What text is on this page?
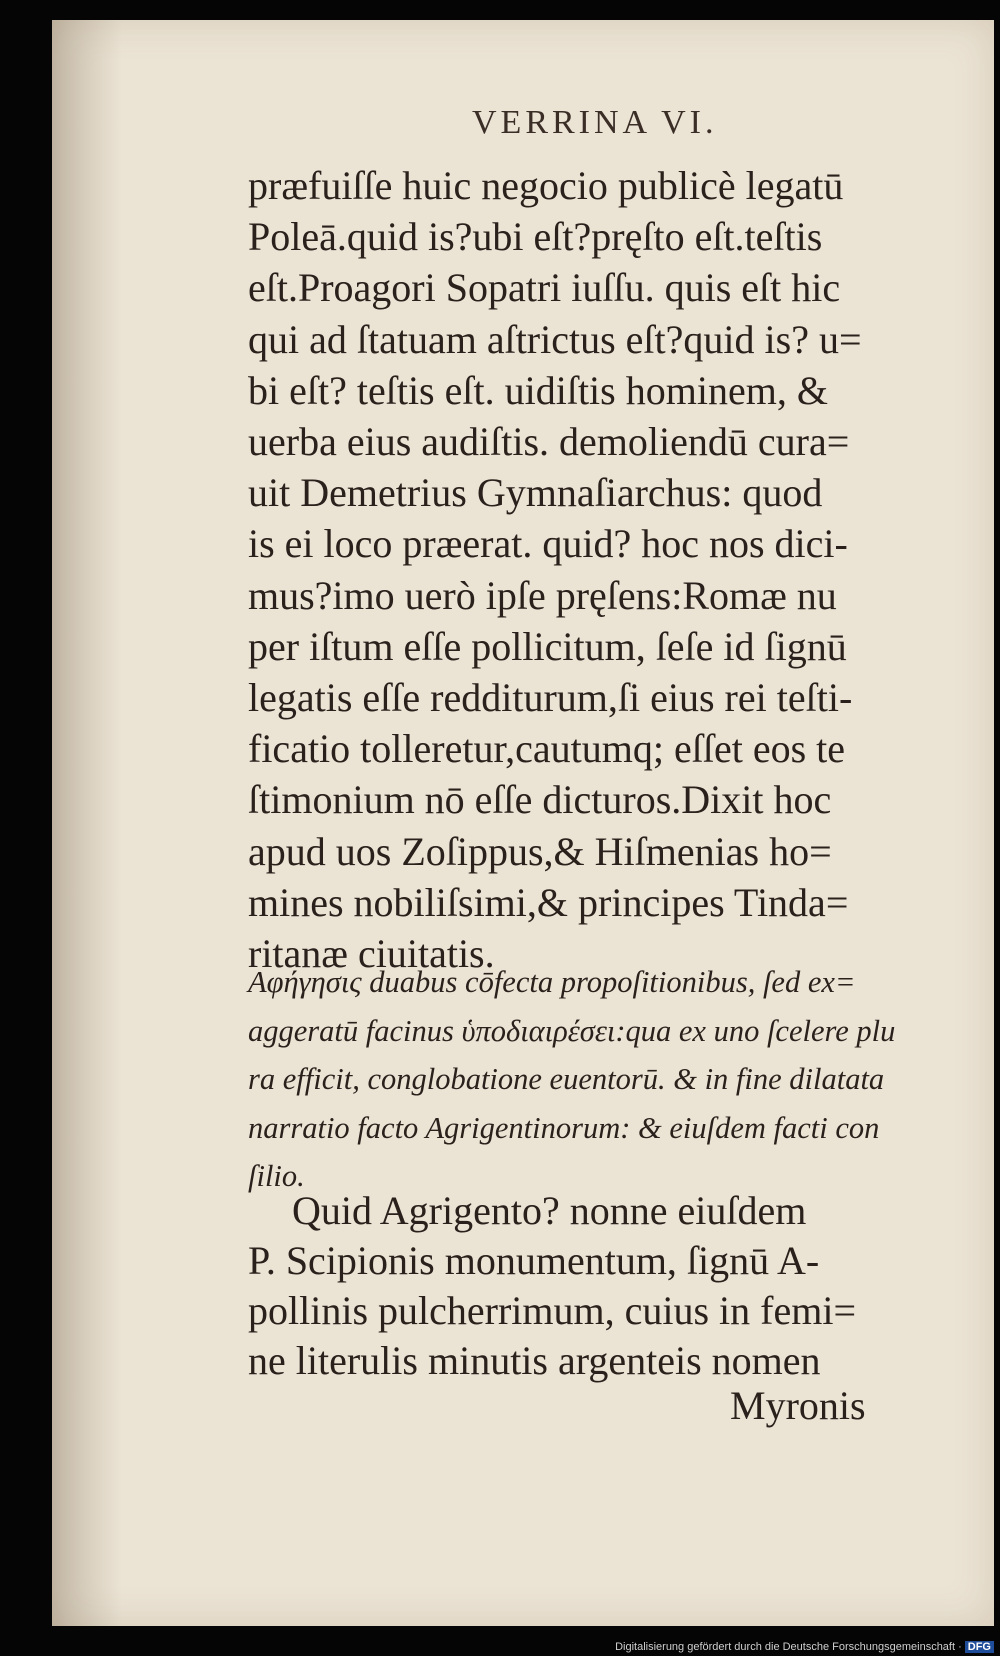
VERRINA VI.
præfuiſſe huic negocio publicè legatū
Poleā.quid is?ubi eſt?pręſto eſt.teſtis
eſt.Proagori Sopatri iuſſu. quis eſt hic
qui ad ſtatuam aſtrictus eſt?quid is? u=
bi eſt? teſtis eſt. uidiſtis hominem, &
uerba eius audiſtis. demoliendū cura=
uit Demetrius Gymnaſiarchus: quod
is ei loco præerat. quid? hoc nos dici-
mus?imo uerò ipſe pręſens:Romæ nu
per iſtum eſſe pollicitum, ſeſe id ſignū
legatis eſſe redditurum,ſi eius rei teſti-
ficatio tolleretur,cautumq; eſſet eos te
ſtimonium nō eſſe dicturos.Dixit hoc
apud uos Zoſippus,& Hiſmenias ho=
mines nobiliſsimi,& principes Tinda=
ritanæ ciuitatis.
Aφήγησις duabus cōfecta propoſitionibus, ſed ex=
aggeratū facinus ὑποδιαιρέσει:qua ex uno ſcelere plu
ra efficit, conglobatione euentorū. & in fine dilatata
narratio facto Agrigentinorum: & eiuſdem facti con
ſilio.
Quid Agrigento? nonne eiuſdem
P. Scipionis monumentum, ſignū A-
pollinis pulcherrimum, cuius in femi=
ne literulis minutis argenteis nomen
Myronis
Digitalisierung gefördert durch die Deutsche Forschungsgemeinschaft · DFG
